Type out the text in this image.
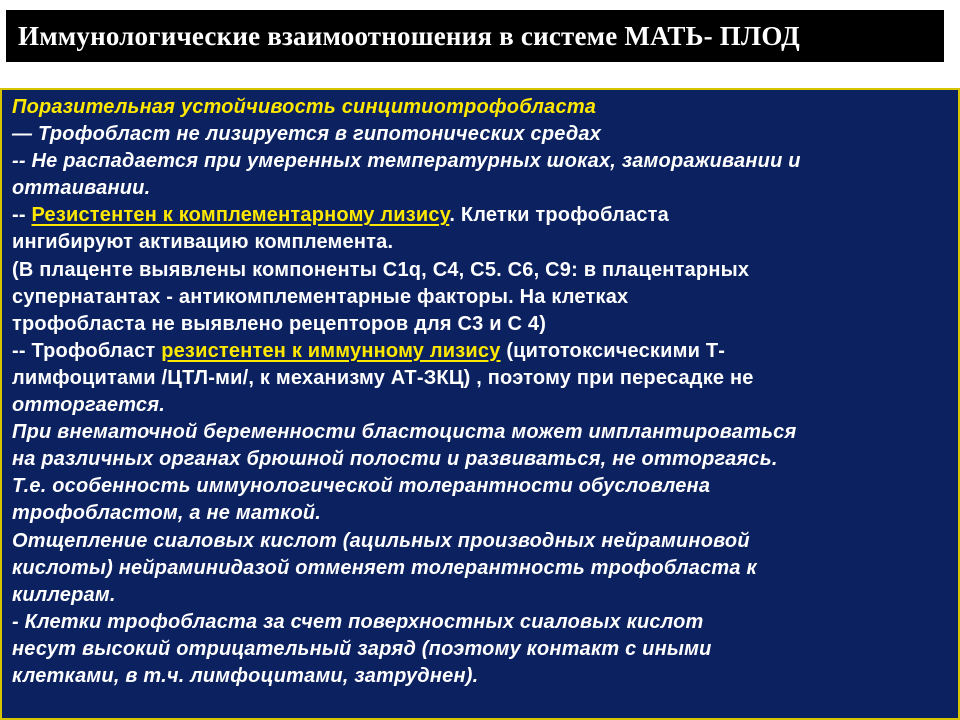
Иммунологические взаимоотношения в системе МАТЬ- ПЛОД
Поразительная устойчивость синцитиотрофобласта
— Трофобласт не лизируется в гипотонических средах
-- Не распадается при умеренных температурных шоках, замораживании и
оттаивании.
-- Резистентен к комплементарному лизису. Клетки трофобласта
ингибируют активацию комплемента.
(В плаценте выявлены компоненты С1q, C4, C5. C6, C9: в плацентарных
супернатантах - антикомплементарные факторы. На клетках
трофобласта не выявлено рецепторов для С3 и С 4)
-- Трофобласт резистентен к иммунному лизису (цитотоксическими Т-
лимфоцитами /ЦТЛ-ми/, к механизму АТ-ЗКЦ) , поэтому при пересадке не
отторгается.
При внематочной беременности бластоциста может имплантироваться
на различных органах брюшной полости и развиваться, не отторгаясь.
Т.е. особенность иммунологической толерантности обусловлена
трофобластом, а не маткой.
Отщепление сиаловых кислот (ацильных производных нейраминовой
кислоты) нейраминидазой отменяет толерантность трофобласта к
киллерам.
- Клетки трофобласта за счет поверхностных сиаловых кислот
несут высокий отрицательный заряд (поэтому контакт с иными
клетками, в т.ч. лимфоцитами, затруднен).
